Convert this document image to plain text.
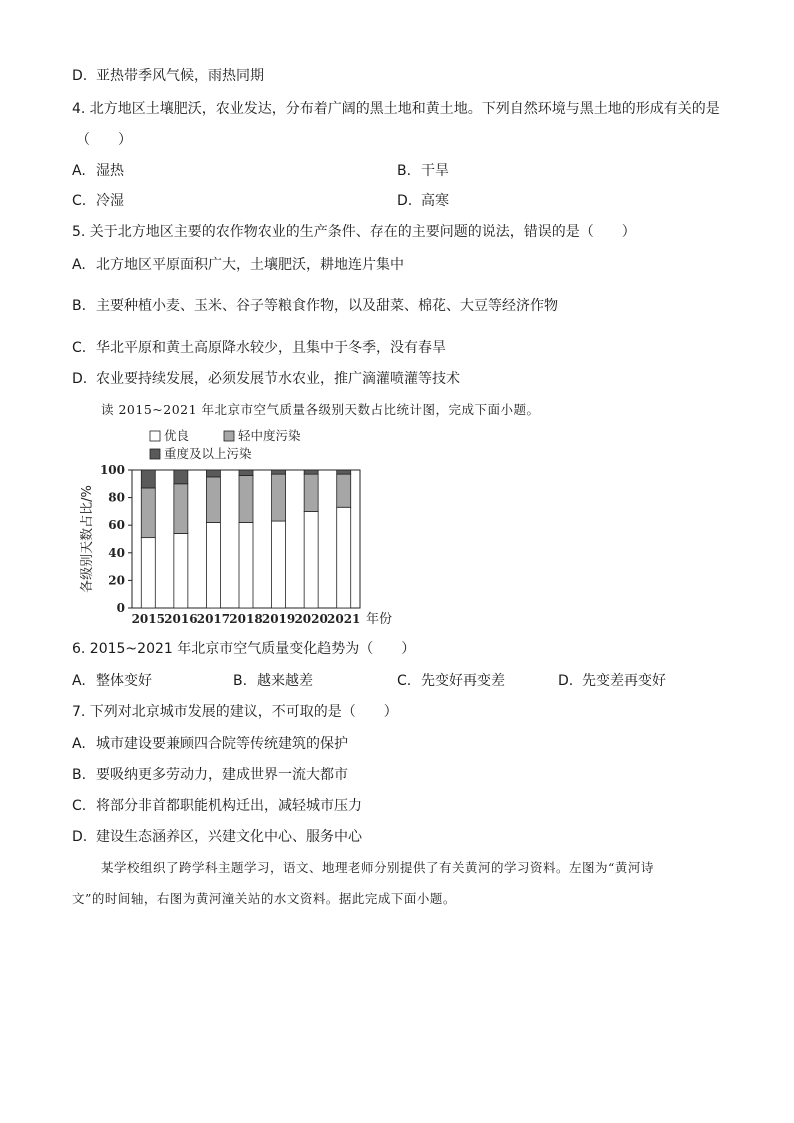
D. 亚热带季风气候，雨热同期
4. 北方地区土壤肥沃，农业发达，分布着广阔的黑土地和黄土地。下列自然环境与黑土地的形成有关的是
（　　）
A. 湿热	B. 干旱
C. 冷湿	D. 高寒
5. 关于北方地区主要的农作物农业的生产条件、存在的主要问题的说法，错误的是（　　）
A. 北方地区平原面积广大，土壤肥沃，耕地连片集中
B. 主要种植小麦、玉米、谷子等粮食作物，以及甜菜、棉花、大豆等经济作物
C. 华北平原和黄土高原降水较少，且集中于冬季，没有春旱
D. 农业要持续发展，必须发展节水农业，推广滴灌喷灌等技术
读 2015~2021 年北京市空气质量各级别天数占比统计图，完成下面小题。
0
20
40
60
80
100
各级别天数占比/%
2015 2016 2017 2018 2019 2020 2021 年份
优良	轻中度污染
重度及以上污染
6. 2015~2021 年北京市空气质量变化趋势为（　　）
A. 整体变好	B. 越来越差	C. 先变好再变差	D. 先变差再变好
7. 下列对北京城市发展的建议，不可取的是（　　）
A. 城市建设要兼顾四合院等传统建筑的保护
B. 要吸纳更多劳动力，建成世界一流大都市
C. 将部分非首都职能机构迁出，减轻城市压力
D. 建设生态涵养区，兴建文化中心、服务中心
某学校组织了跨学科主题学习，语文、地理老师分别提供了有关黄河的学习资料。左图为“黄河诗
文”的时间轴，右图为黄河潼关站的水文资料。据此完成下面小题。
